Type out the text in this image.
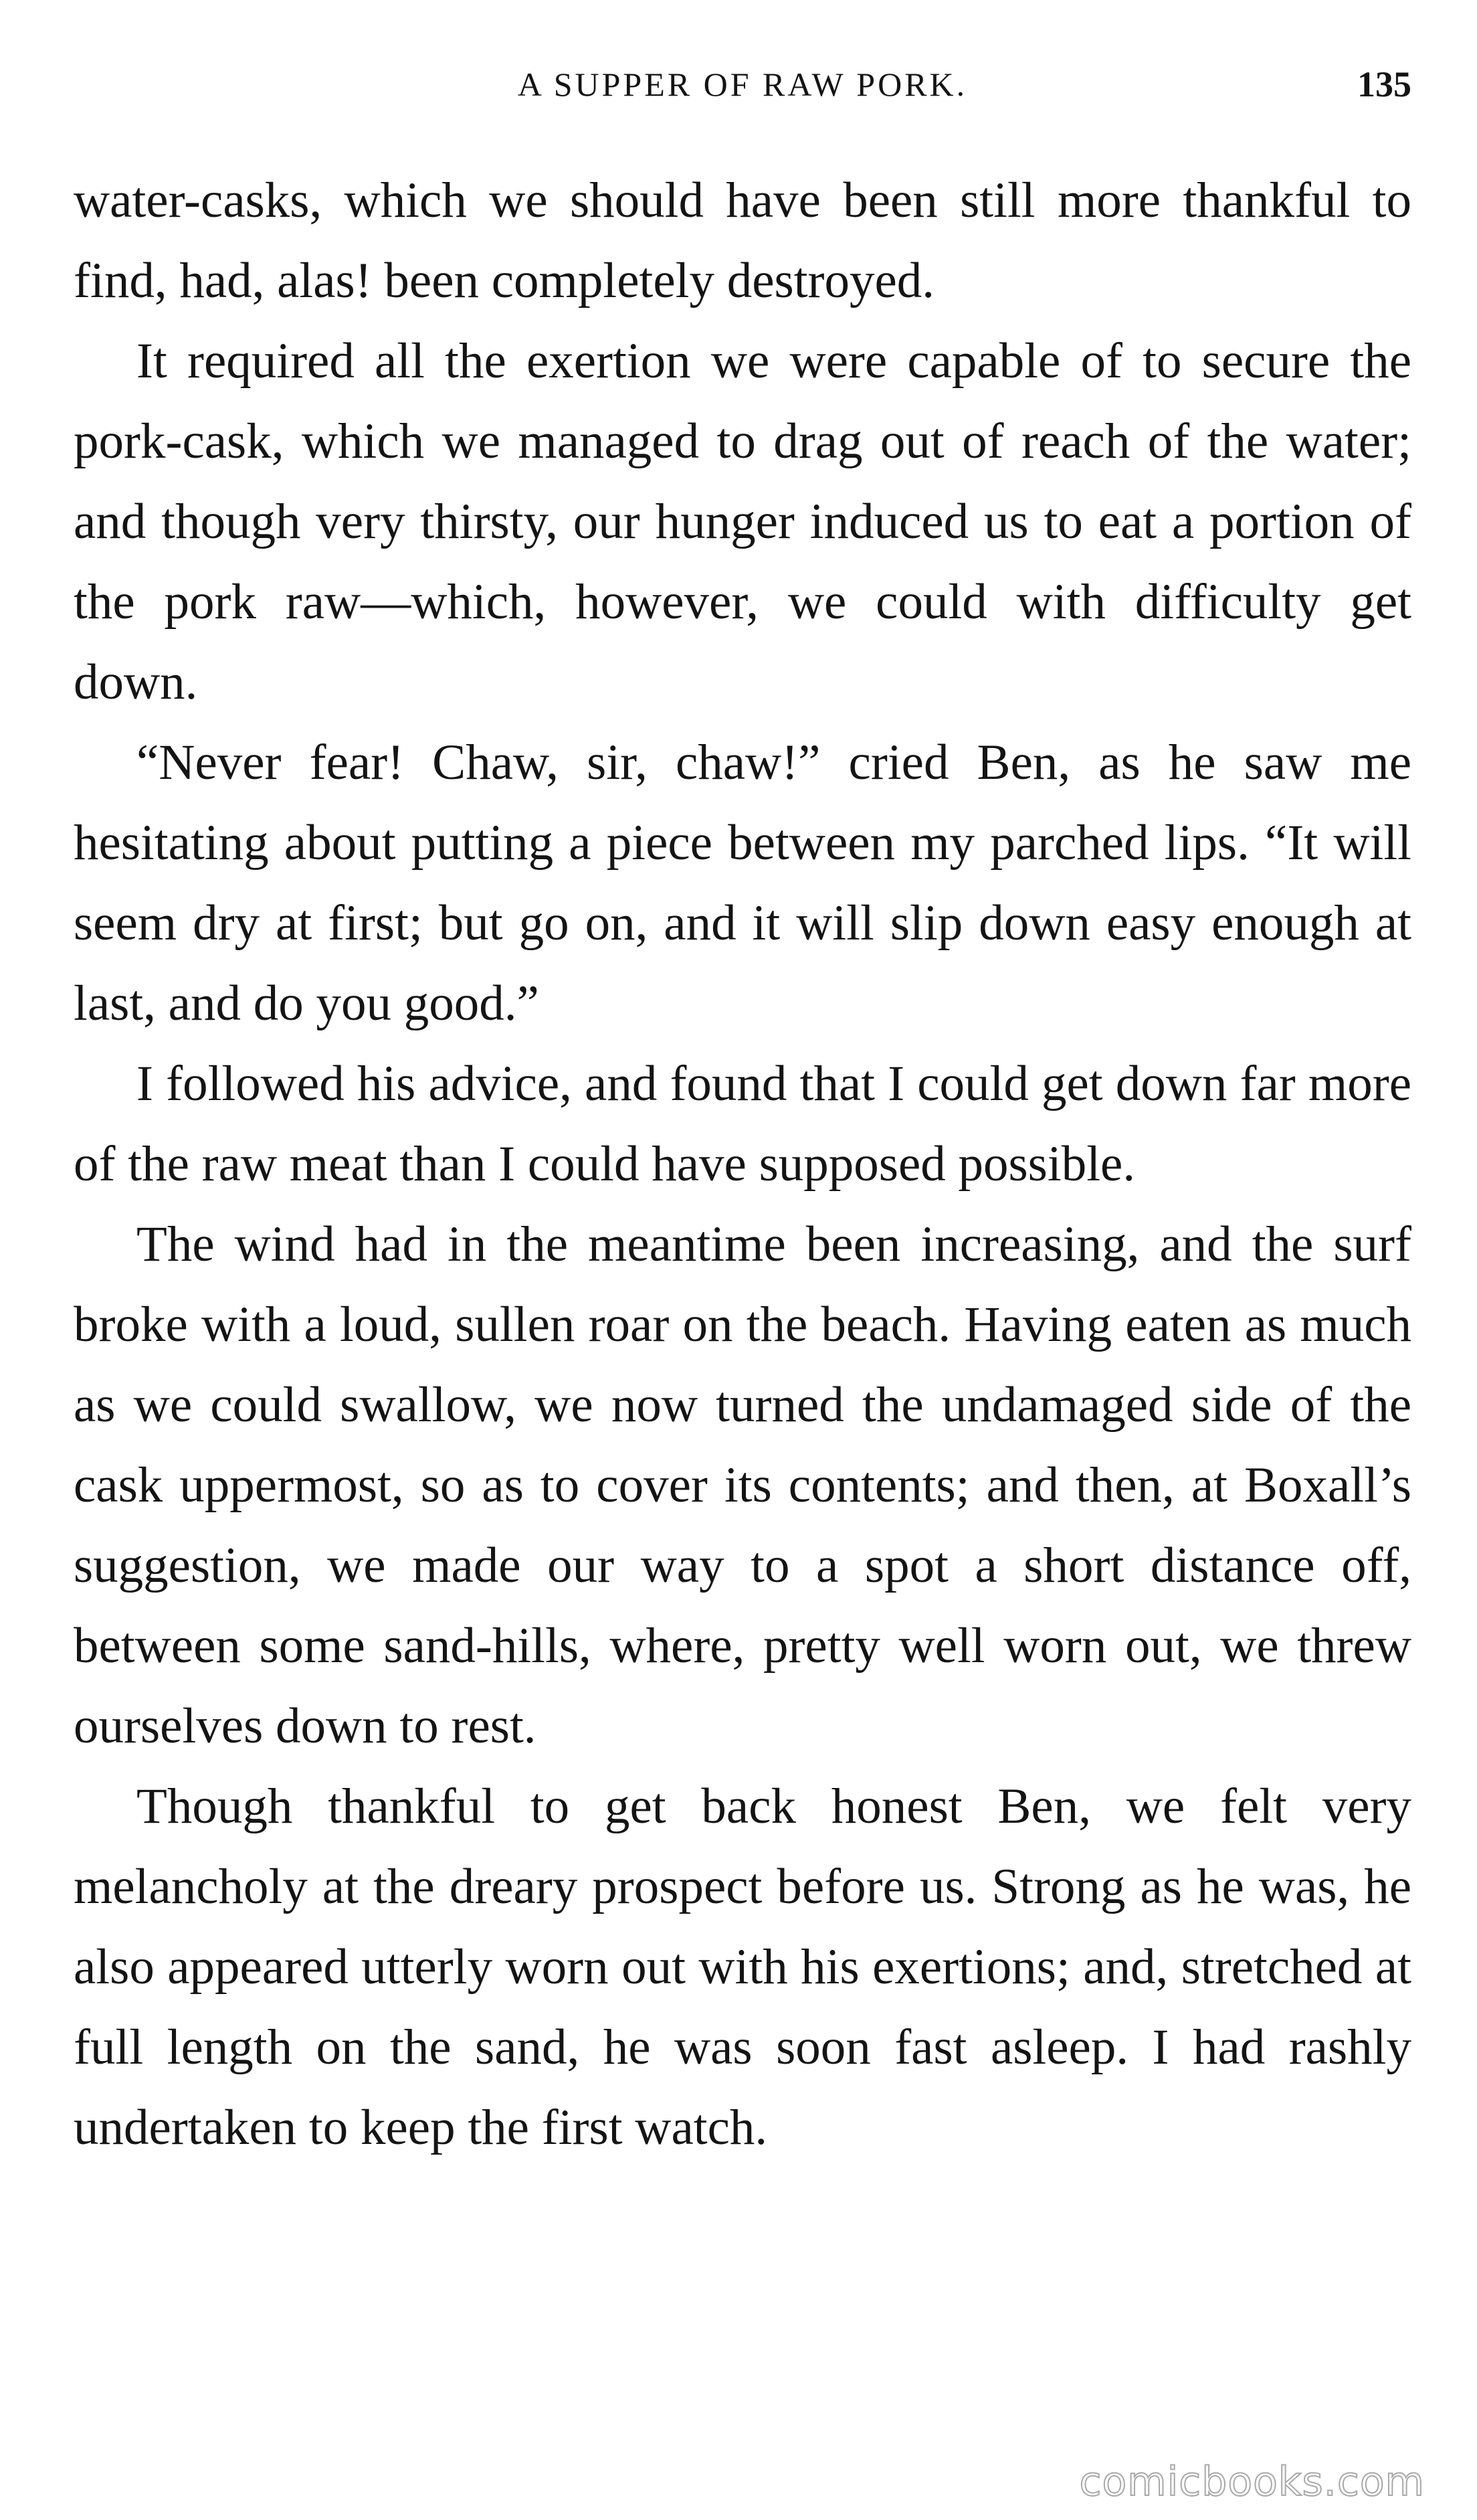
A SUPPER OF RAW PORK.	135

water-casks, which we should have been still more thankful to find, had, alas! been completely destroyed.

It required all the exertion we were capable of to secure the pork-cask, which we managed to drag out of reach of the water; and though very thirsty, our hunger induced us to eat a portion of the pork raw—which, however, we could with difficulty get down.

“Never fear! Chaw, sir, chaw!” cried Ben, as he saw me hesitating about putting a piece between my parched lips. “It will seem dry at first; but go on, and it will slip down easy enough at last, and do you good.”

I followed his advice, and found that I could get down far more of the raw meat than I could have supposed possible.

The wind had in the meantime been increasing, and the surf broke with a loud, sullen roar on the beach. Having eaten as much as we could swallow, we now turned the undamaged side of the cask uppermost, so as to cover its contents; and then, at Boxall’s suggestion, we made our way to a spot a short distance off, between some sand-hills, where, pretty well worn out, we threw ourselves down to rest.

Though thankful to get back honest Ben, we felt very melancholy at the dreary prospect before us. Strong as he was, he also appeared utterly worn out with his exertions; and, stretched at full length on the sand, he was soon fast asleep. I had rashly undertaken to keep the first watch.

comicbooks.com
